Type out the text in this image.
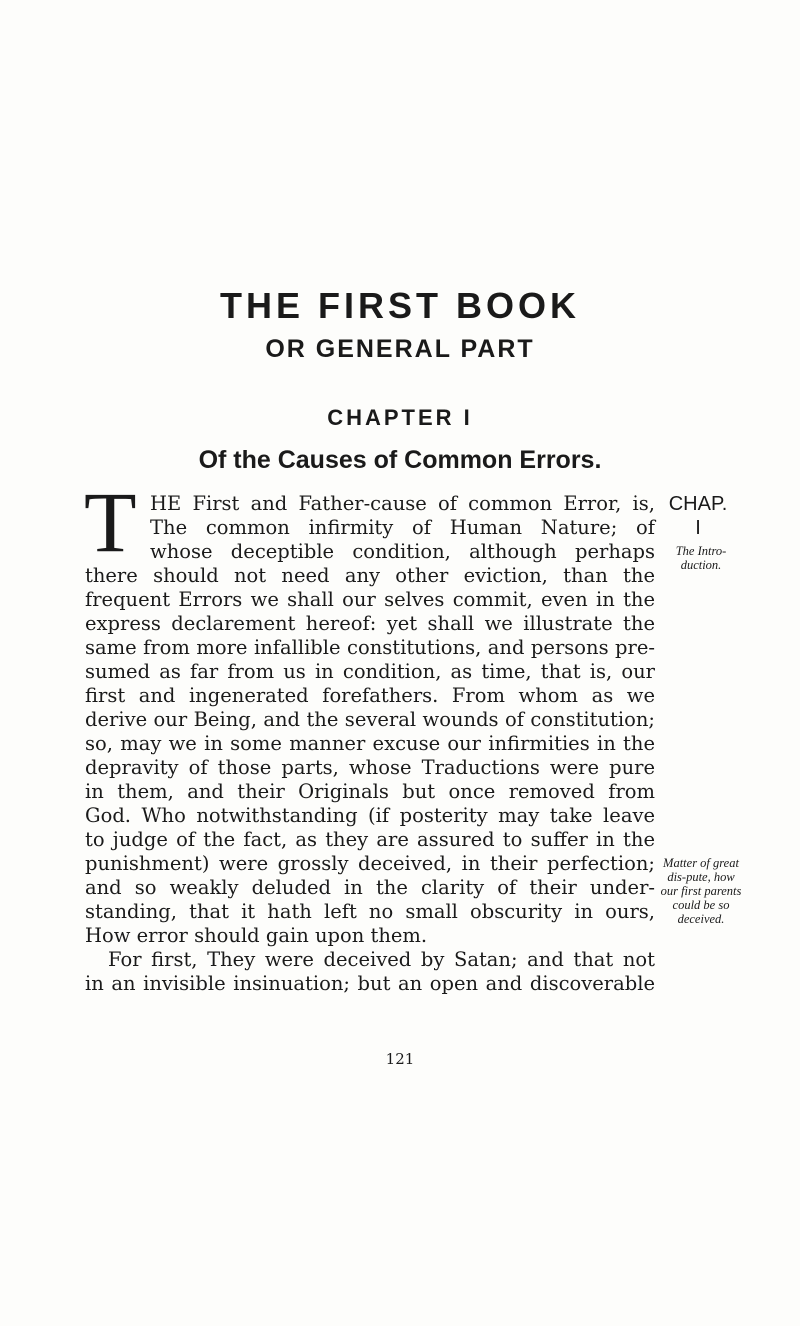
THE FIRST BOOK
OR GENERAL PART
CHAPTER I
Of the Causes of Common Errors.
T HE First and Father-cause of common Error, is,

The common infirmity of Human Nature; of

whose deceptible condition, although perhaps

there should not need any other eviction, than the

frequent Errors we shall our selves commit, even in the

express declarement hereof: yet shall we illustrate the

same from more infallible constitutions, and persons pre-

sumed as far from us in condition, as time, that is, our

first and ingenerated forefathers. From whom as we

derive our Being, and the several wounds of constitution;

so, may we in some manner excuse our infirmities in the

depravity of those parts, whose Traductions were pure

in them, and their Originals but once removed from

God. Who notwithstanding (if posterity may take leave

to judge of the fact, as they are assured to suffer in the

punishment) were grossly deceived, in their perfection;

and so weakly deluded in the clarity of their under-

standing, that it hath left no small obscurity in ours,

How error should gain upon them.

For first, They were deceived by Satan; and that not

in an invisible insinuation; but an open and discoverable

CHAP.
I
The Intro-duction.
Matter of great dis-pute, how our first parents could be so deceived.
121
